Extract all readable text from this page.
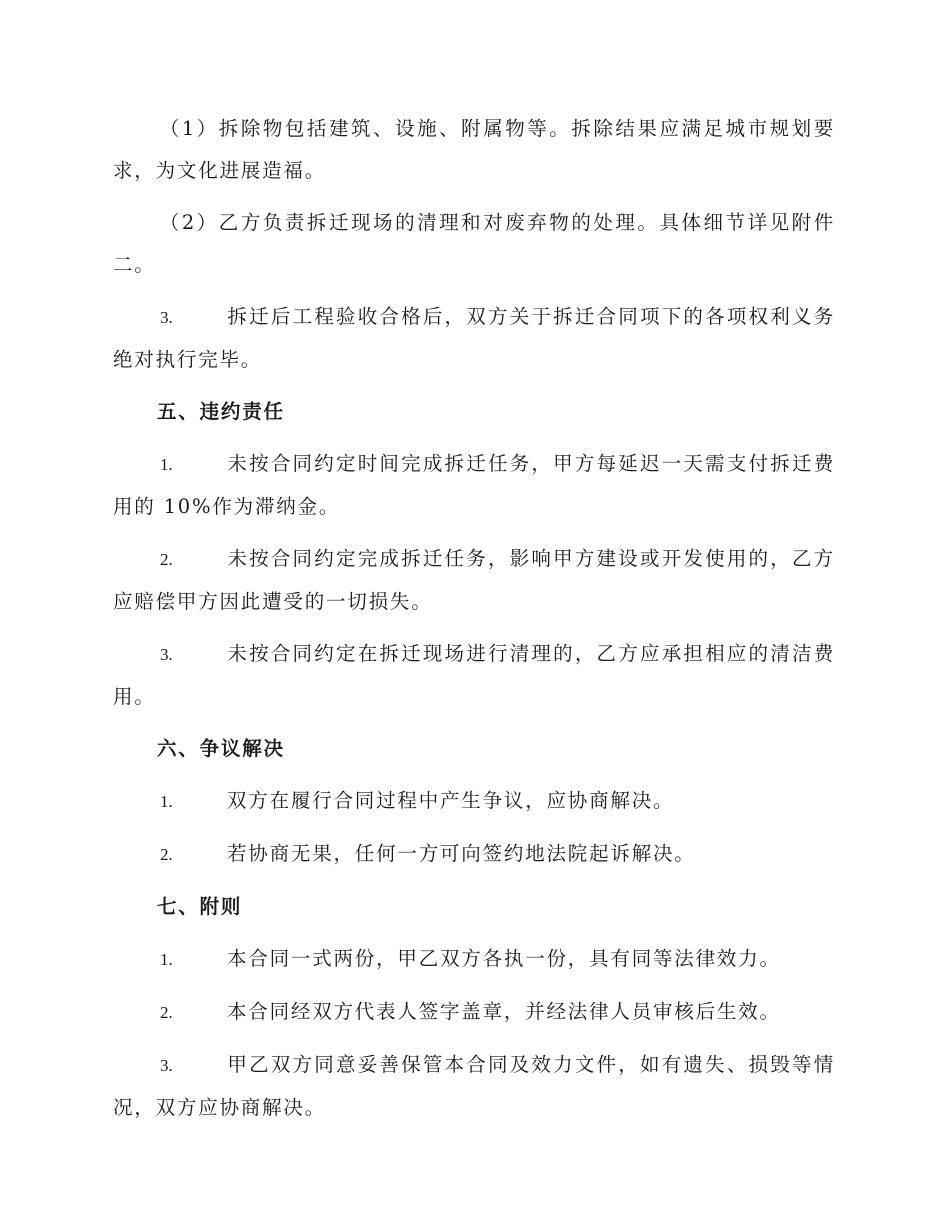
（1）拆除物包括建筑、设施、附属物等。拆除结果应满足城市规划要求，为文化进展造福。

（2）乙方负责拆迁现场的清理和对废弃物的处理。具体细节详见附件二。

3.	拆迁后工程验收合格后，双方关于拆迁合同项下的各项权利义务绝对执行完毕。

五、违约责任

1.	未按合同约定时间完成拆迁任务，甲方每延迟一天需支付拆迁费用的 10%作为滞纳金。

2.	未按合同约定完成拆迁任务，影响甲方建设或开发使用的，乙方应赔偿甲方因此遭受的一切损失。

3.	未按合同约定在拆迁现场进行清理的，乙方应承担相应的清洁费用。

六、争议解决

1.	双方在履行合同过程中产生争议，应协商解决。

2.	若协商无果，任何一方可向签约地法院起诉解决。

七、附则

1.	本合同一式两份，甲乙双方各执一份，具有同等法律效力。

2.	本合同经双方代表人签字盖章，并经法律人员审核后生效。

3.	甲乙双方同意妥善保管本合同及效力文件，如有遗失、损毁等情况，双方应协商解决。
